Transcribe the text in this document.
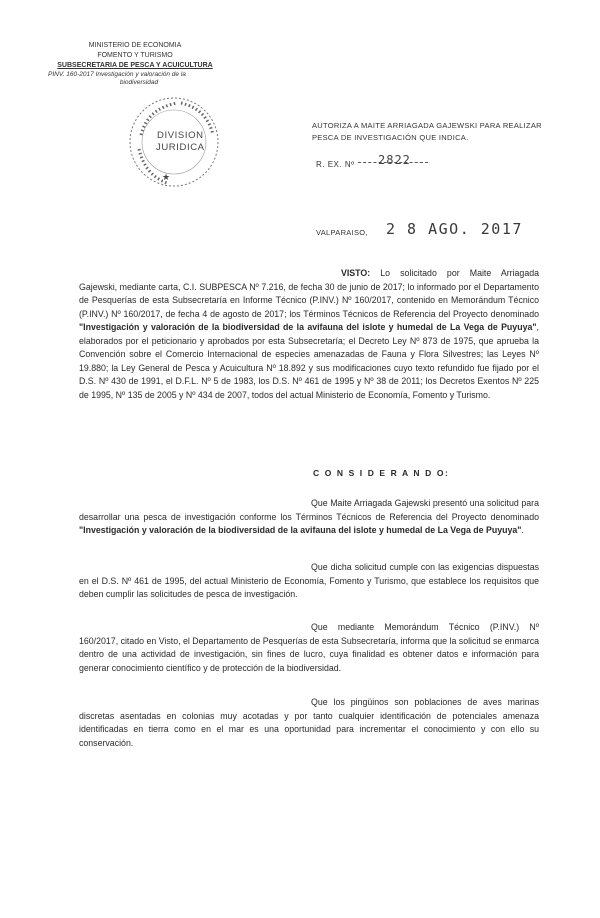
MINISTERIO DE ECONOMIA
FOMENTO Y TURISMO
SUBSECRETARIA DE PESCA Y ACUICULTURA
PINV. 160-2017 Investigación y valoración de la
biodiversidad
DIVISION
JURIDICA
★
AUTORIZA A MAITE ARRIAGADA GAJEWSKI PARA REALIZAR PESCA DE INVESTIGACIÓN QUE INDICA.
R. EX. Nº 2822
VALPARAISO, 2 8 AGO. 2017
VISTO: Lo solicitado por Maite Arriagada Gajewski, mediante carta, C.I. SUBPESCA Nº 7.216, de fecha 30 de junio de 2017; lo informado por el Departamento de Pesquerías de esta Subsecretaría en Informe Técnico (P.INV.) Nº 160/2017, contenido en Memorándum Técnico (P.INV.) Nº 160/2017, de fecha 4 de agosto de 2017; los Términos Técnicos de Referencia del Proyecto denominado "Investigación y valoración de la biodiversidad de la avifauna del islote y humedal de La Vega de Puyuya", elaborados por el peticionario y aprobados por esta Subsecretaría; el Decreto Ley Nº 873 de 1975, que aprueba la Convención sobre el Comercio Internacional de especies amenazadas de Fauna y Flora Silvestres; las Leyes Nº 19.880; la Ley General de Pesca y Acuicultura Nº 18.892 y sus modificaciones cuyo texto refundido fue fijado por el D.S. Nº 430 de 1991, el D.F.L. Nº 5 de 1983, los D.S. Nº 461 de 1995 y Nº 38 de 2011; los Decretos Exentos Nº 225 de 1995, Nº 135 de 2005 y Nº 434 de 2007, todos del actual Ministerio de Economía, Fomento y Turismo.
C O N S I D E R A N D O:
Que Maite Arriagada Gajewski presentó una solicitud para desarrollar una pesca de investigación conforme los Términos Técnicos de Referencia del Proyecto denominado "Investigación y valoración de la biodiversidad de la avifauna del islote y humedal de La Vega de Puyuya".
Que dicha solicitud cumple con las exigencias dispuestas en el D.S. Nº 461 de 1995, del actual Ministerio de Economía, Fomento y Turismo, que establece los requisitos que deben cumplir las solicitudes de pesca de investigación.
Que mediante Memorándum Técnico (P.INV.) Nº 160/2017, citado en Visto, el Departamento de Pesquerías de esta Subsecretaría, informa que la solicitud se enmarca dentro de una actividad de investigación, sin fines de lucro, cuya finalidad es obtener datos e información para generar conocimiento científico y de protección de la biodiversidad.
Que los pingüinos son poblaciones de aves marinas discretas asentadas en colonias muy acotadas y por tanto cualquier identificación de potenciales amenaza identificadas en tierra como en el mar es una oportunidad para incrementar el conocimiento y con ello su conservación.
